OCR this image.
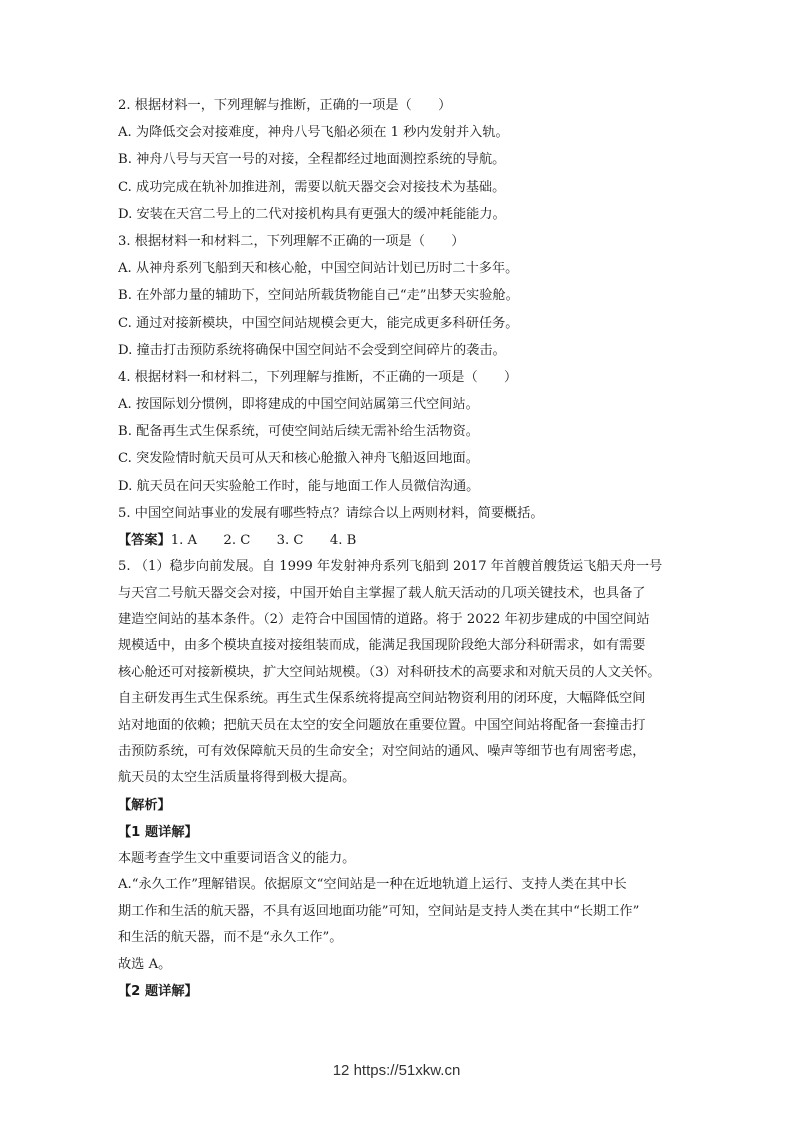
2. 根据材料一，下列理解与推断，正确的一项是（　　）
A. 为降低交会对接难度，神舟八号飞船必须在 1 秒内发射并入轨。
B. 神舟八号与天宫一号的对接，全程都经过地面测控系统的导航。
C. 成功完成在轨补加推进剂，需要以航天器交会对接技术为基础。
D. 安装在天宫二号上的二代对接机构具有更强大的缓冲耗能能力。
3. 根据材料一和材料二，下列理解不正确的一项是（　　）
A. 从神舟系列飞船到天和核心舱，中国空间站计划已历时二十多年。
B. 在外部力量的辅助下，空间站所载货物能自己“走”出梦天实验舱。
C. 通过对接新模块，中国空间站规模会更大，能完成更多科研任务。
D. 撞击打击预防系统将确保中国空间站不会受到空间碎片的袭击。
4. 根据材料一和材料二，下列理解与推断，不正确的一项是（　　）
A. 按国际划分惯例，即将建成的中国空间站属第三代空间站。
B. 配备再生式生保系统，可使空间站后续无需补给生活物资。
C. 突发险情时航天员可从天和核心舱撤入神舟飞船返回地面。
D. 航天员在问天实验舱工作时，能与地面工作人员微信沟通。
5. 中国空间站事业的发展有哪些特点？请综合以上两则材料，简要概括。
【答案】1. A　　2. C　　3. C　　4. B
5. （1）稳步向前发展。自 1999 年发射神舟系列飞船到 2017 年首艘首艘货运飞船天舟一号
与天宫二号航天器交会对接，中国开始自主掌握了载人航天活动的几项关键技术，也具备了
建造空间站的基本条件。（2）走符合中国国情的道路。将于 2022 年初步建成的中国空间站
规模适中，由多个模块直接对接组装而成，能满足我国现阶段绝大部分科研需求，如有需要
核心舱还可对接新模块，扩大空间站规模。（3）对科研技术的高要求和对航天员的人文关怀。
自主研发再生式生保系统。再生式生保系统将提高空间站物资利用的闭环度，大幅降低空间
站对地面的依赖；把航天员在太空的安全问题放在重要位置。中国空间站将配备一套撞击打
击预防系统，可有效保障航天员的生命安全；对空间站的通风、噪声等细节也有周密考虑，
航天员的太空生活质量将得到极大提高。
【解析】
【1 题详解】
本题考查学生文中重要词语含义的能力。
A.“永久工作”理解错误。依据原文“空间站是一种在近地轨道上运行、支持人类在其中长
期工作和生活的航天器，不具有返回地面功能”可知，空间站是支持人类在其中“长期工作”
和生活的航天器，而不是“永久工作”。
故选 A。
【2 题详解】
12 https://51xkw.cn
